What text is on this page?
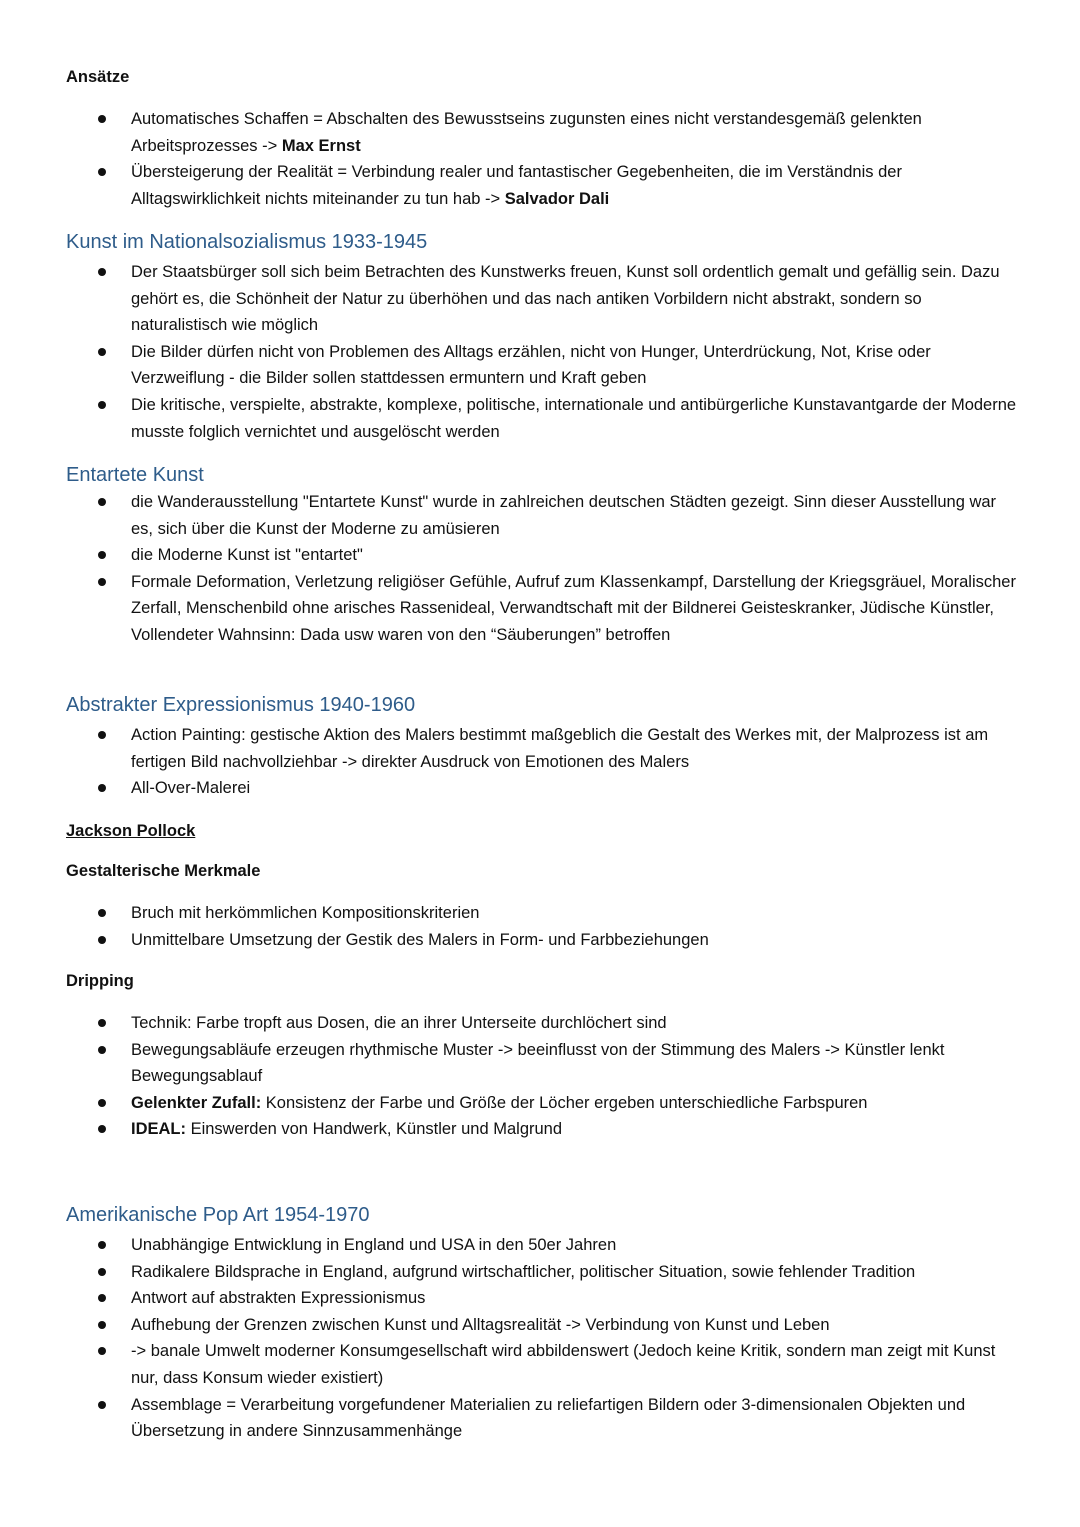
Ansätze

Automatisches Schaffen = Abschalten des Bewusstseins zugunsten eines nicht verstandesgemäß gelenkten Arbeitsprozesses -> Max Ernst
Übersteigerung der Realität = Verbindung realer und fantastischer Gegebenheiten, die im Verständnis der Alltagswirklichkeit nichts miteinander zu tun hab -> Salvador Dali
Kunst im Nationalsozialismus 1933-1945
Der Staatsbürger soll sich beim Betrachten des Kunstwerks freuen, Kunst soll ordentlich gemalt und gefällig sein. Dazu gehört es, die Schönheit der Natur zu überhöhen und das nach antiken Vorbildern nicht abstrakt, sondern so naturalistisch wie möglich
Die Bilder dürfen nicht von Problemen des Alltags erzählen, nicht von Hunger, Unterdrückung, Not, Krise oder Verzweiflung - die Bilder sollen stattdessen ermuntern und Kraft geben
Die kritische, verspielte, abstrakte, komplexe, politische, internationale und antibürgerliche Kunstavantgarde der Moderne musste folglich vernichtet und ausgelöscht werden
Entartete Kunst
die Wanderausstellung "Entartete Kunst" wurde in zahlreichen deutschen Städten gezeigt. Sinn dieser Ausstellung war es, sich über die Kunst der Moderne zu amüsieren
die Moderne Kunst ist "entartet"
Formale Deformation, Verletzung religiöser Gefühle, Aufruf zum Klassenkampf, Darstellung der Kriegsgräuel, Moralischer Zerfall, Menschenbild ohne arisches Rassenideal, Verwandtschaft mit der Bildnerei Geisteskranker, Jüdische Künstler, Vollendeter Wahnsinn: Dada usw waren von den “Säuberungen” betroffen
Abstrakter Expressionismus 1940-1960
Action Painting: gestische Aktion des Malers bestimmt maßgeblich die Gestalt des Werkes mit, der Malprozess ist am fertigen Bild nachvollziehbar -> direkter Ausdruck von Emotionen des Malers
All-Over-Malerei

Jackson Pollock

Gestalterische Merkmale

Bruch mit herkömmlichen Kompositionskriterien
Unmittelbare Umsetzung der Gestik des Malers in Form- und Farbbeziehungen

Dripping

Technik: Farbe tropft aus Dosen, die an ihrer Unterseite durchlöchert sind
Bewegungsabläufe erzeugen rhythmische Muster -> beeinflusst von der Stimmung des Malers -> Künstler lenkt Bewegungsablauf
Gelenkter Zufall: Konsistenz der Farbe und Größe der Löcher ergeben unterschiedliche Farbspuren
IDEAL: Einswerden von Handwerk, Künstler und Malgrund
Amerikanische Pop Art 1954-1970
Unabhängige Entwicklung in England und USA in den 50er Jahren
Radikalere Bildsprache in England, aufgrund wirtschaftlicher, politischer Situation, sowie fehlender Tradition
Antwort auf abstrakten Expressionismus
Aufhebung der Grenzen zwischen Kunst und Alltagsrealität -> Verbindung von Kunst und Leben
-> banale Umwelt moderner Konsumgesellschaft wird abbildenswert (Jedoch keine Kritik, sondern man zeigt mit Kunst nur, dass Konsum wieder existiert)
Assemblage = Verarbeitung vorgefundener Materialien zu reliefartigen Bildern oder 3-dimensionalen Objekten und Übersetzung in andere Sinnzusammenhänge
